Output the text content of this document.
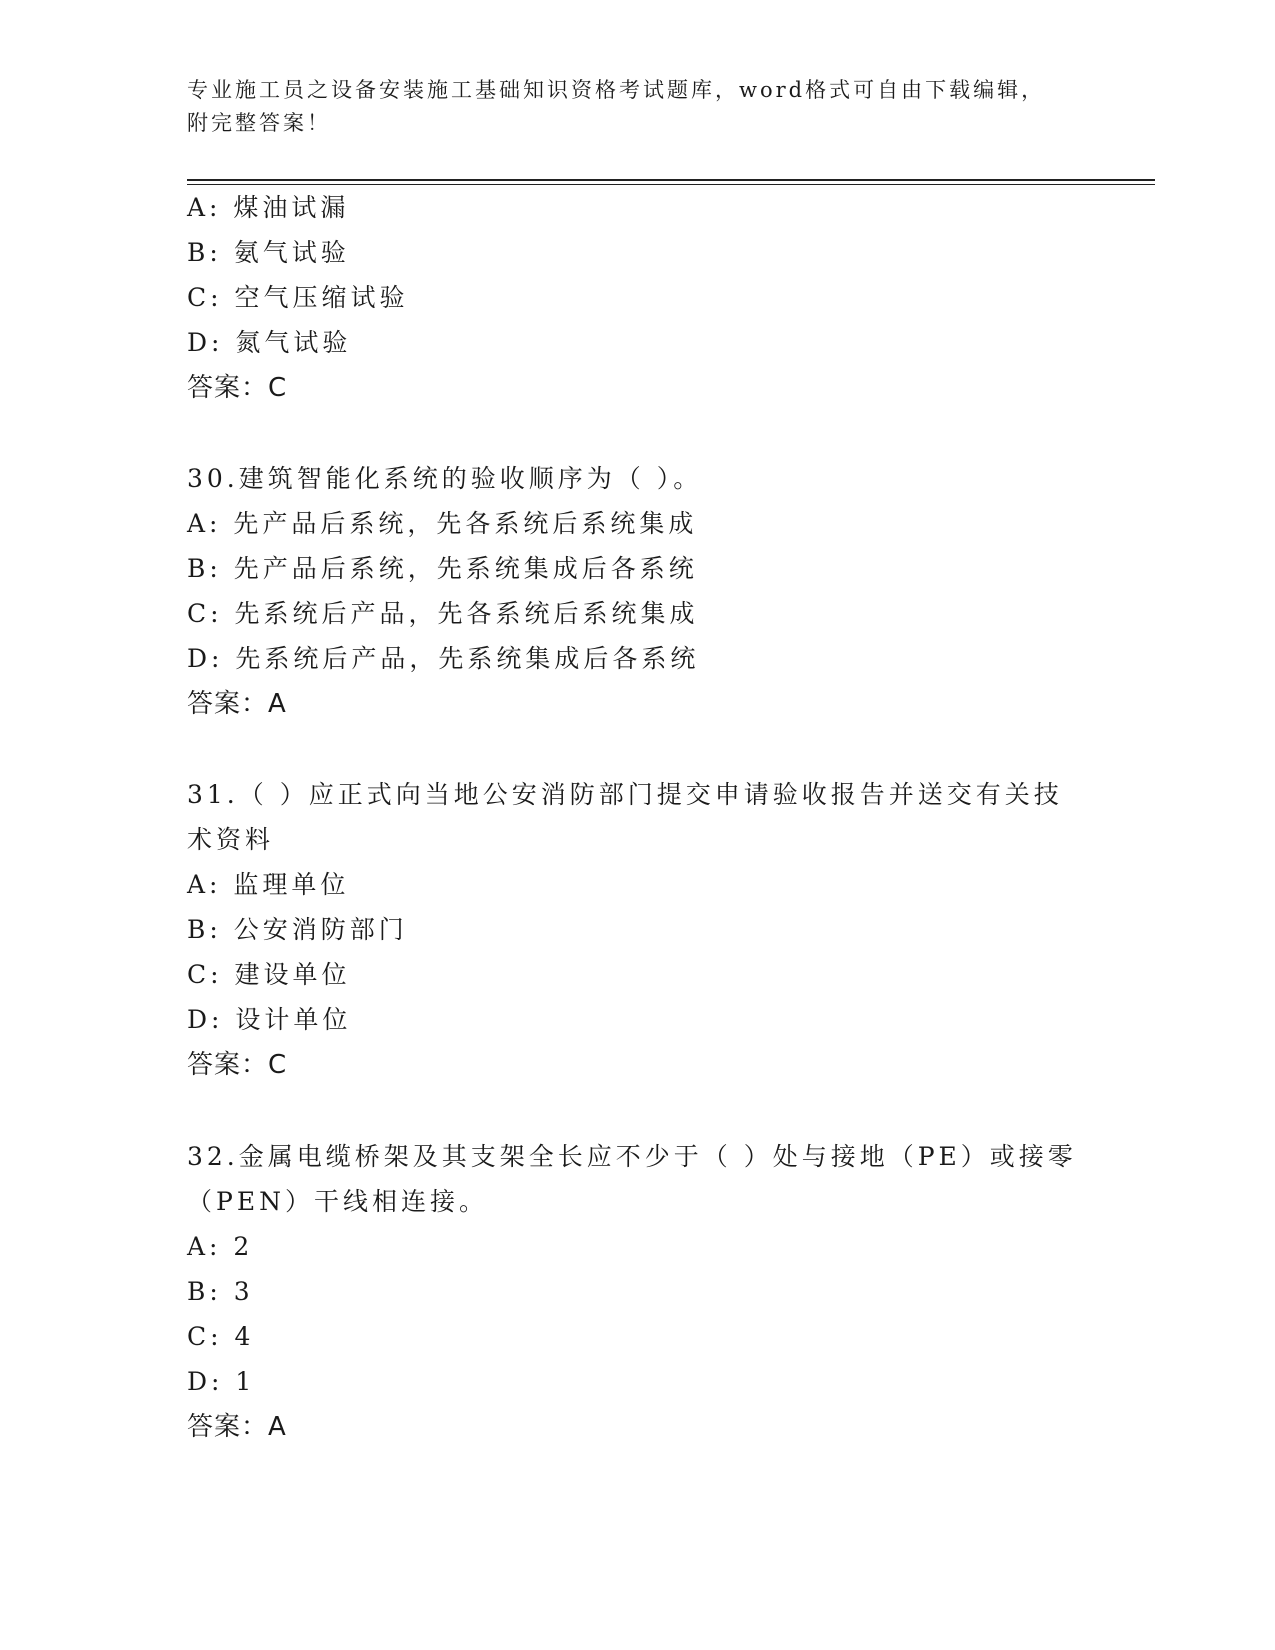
专业施工员之设备安装施工基础知识资格考试题库，word格式可自由下载编辑，
附完整答案！
A: 煤油试漏
B: 氨气试验
C: 空气压缩试验
D: 氮气试验
答案：C
30.建筑智能化系统的验收顺序为（ ）。
A: 先产品后系统，先各系统后系统集成
B: 先产品后系统，先系统集成后各系统
C: 先系统后产品，先各系统后系统集成
D: 先系统后产品，先系统集成后各系统
答案：A
31.（ ）应正式向当地公安消防部门提交申请验收报告并送交有关技
术资料
A: 监理单位
B: 公安消防部门
C: 建设单位
D: 设计单位
答案：C
32.金属电缆桥架及其支架全长应不少于（ ）处与接地（PE）或接零
（PEN）干线相连接。
A: 2
B: 3
C: 4
D: 1
答案：A
